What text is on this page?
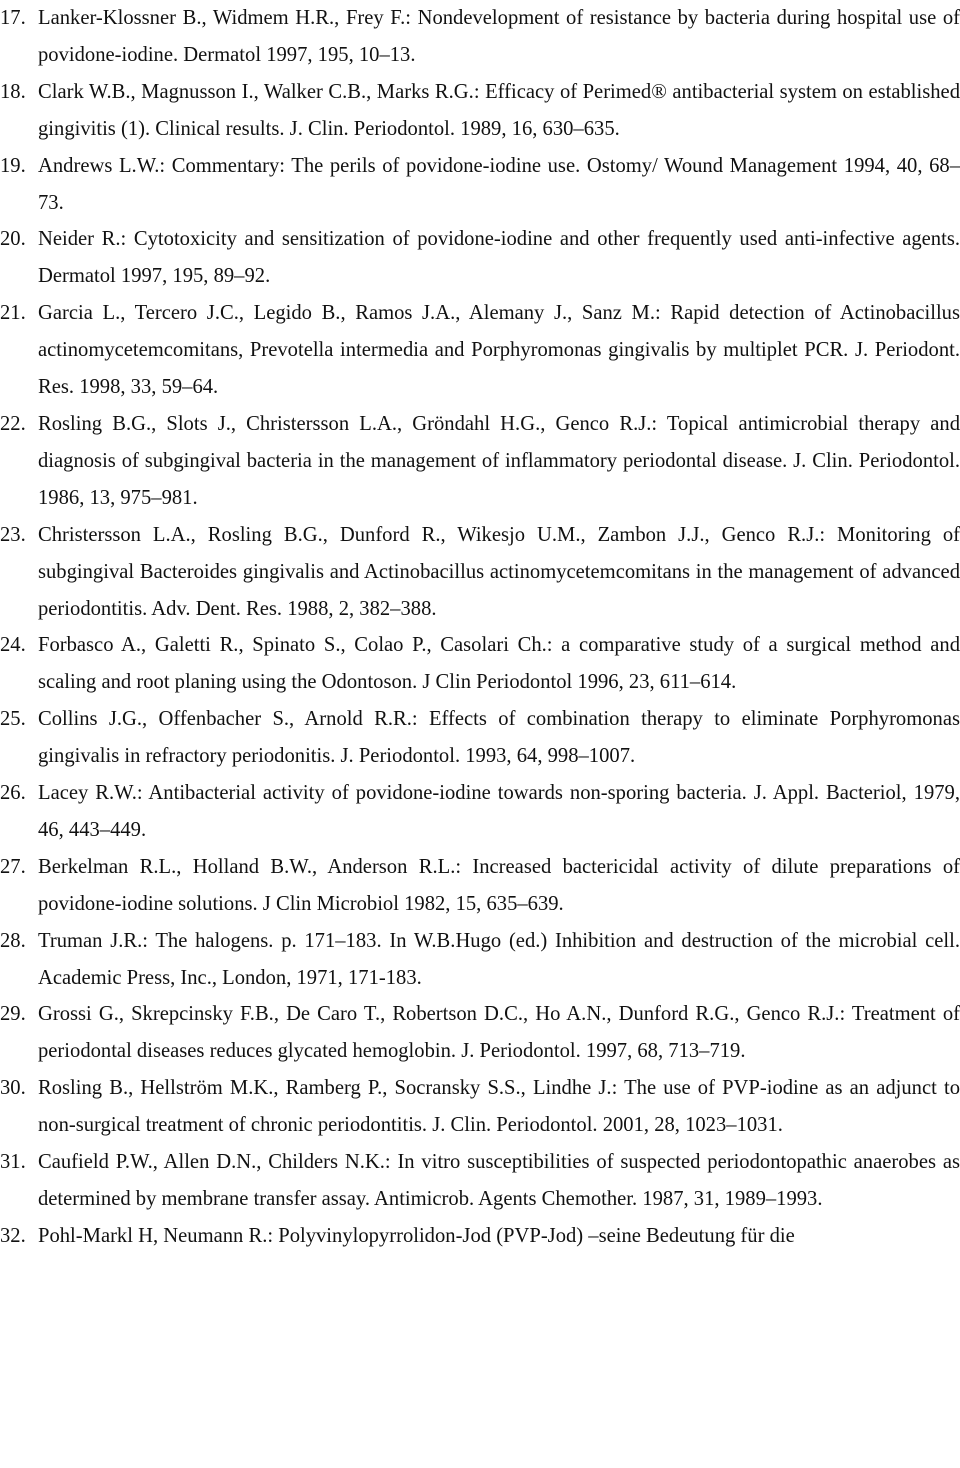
17. Lanker-Klossner B., Widmem H.R., Frey F.: Nondevelopment of resistance by bacteria during hospital use of povidone-iodine. Dermatol 1997, 195, 10–13.
18. Clark W.B., Magnusson I., Walker C.B., Marks R.G.: Efficacy of Perimed® antibacterial system on established gingivitis (1). Clinical results. J. Clin. Periodontol. 1989, 16, 630–635.
19. Andrews L.W.: Commentary: The perils of povidone-iodine use. Ostomy/ Wound Management 1994, 40, 68–73.
20. Neider R.: Cytotoxicity and sensitization of povidone-iodine and other frequently used anti-infective agents. Dermatol 1997, 195, 89–92.
21. Garcia L., Tercero J.C., Legido B., Ramos J.A., Alemany J., Sanz M.: Rapid detection of Actinobacillus actinomycetemcomitans, Prevotella intermedia and Porphyromonas gingivalis by multiplet PCR. J. Periodont. Res. 1998, 33, 59–64.
22. Rosling B.G., Slots J., Christersson L.A., Gröndahl H.G., Genco R.J.: Topical antimicrobial therapy and diagnosis of subgingival bacteria in the management of inflammatory periodontal disease. J. Clin. Periodontol. 1986, 13, 975–981.
23. Christersson L.A., Rosling B.G., Dunford R., Wikesjo U.M., Zambon J.J., Genco R.J.: Monitoring of subgingival Bacteroides gingivalis and Actinobacillus actinomycetemcomitans in the management of advanced periodontitis. Adv. Dent. Res. 1988, 2, 382–388.
24. Forbasco A., Galetti R., Spinato S., Colao P., Casolari Ch.: a comparative study of a surgical method and scaling and root planing using the Odontoson. J Clin Periodontol 1996, 23, 611–614.
25. Collins J.G., Offenbacher S., Arnold R.R.: Effects of combination therapy to eliminate Porphyromonas gingivalis in refractory periodonitis. J. Periodontol. 1993, 64, 998–1007.
26. Lacey R.W.: Antibacterial activity of povidone-iodine towards non-sporing bacteria. J. Appl. Bacteriol, 1979, 46, 443–449.
27. Berkelman R.L., Holland B.W., Anderson R.L.: Increased bactericidal activity of dilute preparations of povidone-iodine solutions. J Clin Microbiol 1982, 15, 635–639.
28. Truman J.R.: The halogens. p. 171–183. In W.B.Hugo (ed.) Inhibition and destruction of the microbial cell. Academic Press, Inc., London, 1971, 171-183.
29. Grossi G., Skrepcinsky F.B., De Caro T., Robertson D.C., Ho A.N., Dunford R.G., Genco R.J.: Treatment of periodontal diseases reduces glycated hemoglobin. J. Periodontol. 1997, 68, 713–719.
30. Rosling B., Hellström M.K., Ramberg P., Socransky S.S., Lindhe J.: The use of PVP-iodine as an adjunct to non-surgical treatment of chronic periodontitis. J. Clin. Periodontol. 2001, 28, 1023–1031.
31. Caufield P.W., Allen D.N., Childers N.K.: In vitro susceptibilities of suspected periodontopathic anaerobes as determined by membrane transfer assay. Antimicrob. Agents Chemother. 1987, 31, 1989–1993.
32. Pohl-Markl H, Neumann R.: Polyvinylopyrrolidon-Jod (PVP-Jod) –seine Bedeutung für die
